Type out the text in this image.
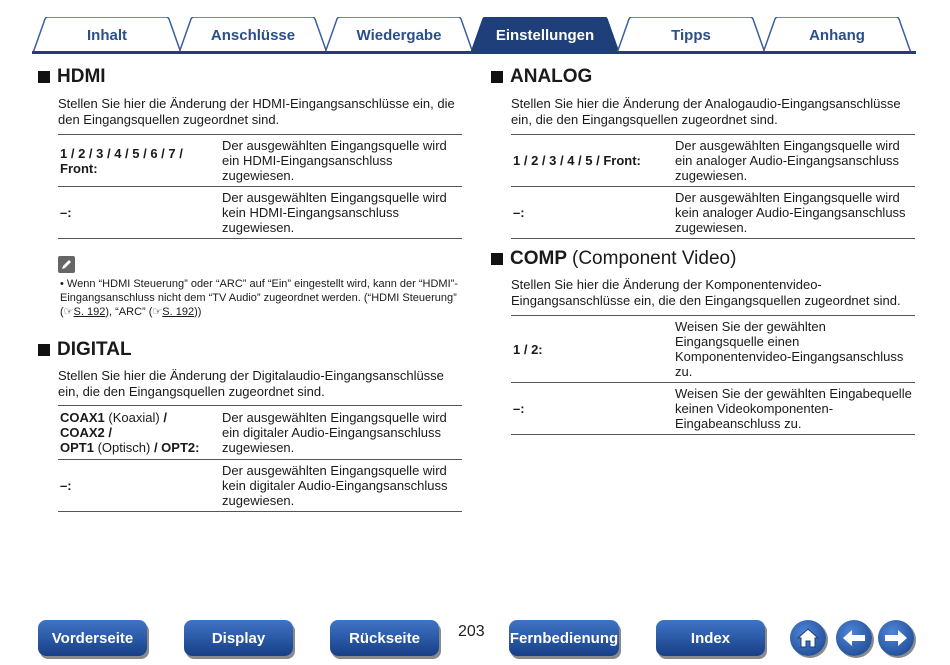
Inhalt	Anschlüsse	Wiedergabe	Einstellungen	Tipps	Anhang
HDMI
Stellen Sie hier die Änderung der HDMI-Eingangsanschlüsse ein, die den Eingangsquellen zugeordnet sind.
1 / 2 / 3 / 4 / 5 / 6 / 7 / Front:	Der ausgewählten Eingangsquelle wird ein HDMI-Eingangsanschluss zugewiesen.
–:	Der ausgewählten Eingangsquelle wird kein HDMI-Eingangsanschluss zugewiesen.
• Wenn “HDMI Steuerung” oder “ARC” auf “Ein” eingestellt wird, kann der “HDMI”-Eingangsanschluss nicht dem “TV Audio” zugeordnet werden. (“HDMI Steuerung” (☞S. 192), “ARC” (☞S. 192))
DIGITAL
Stellen Sie hier die Änderung der Digitalaudio-Eingangsanschlüsse ein, die den Eingangsquellen zugeordnet sind.
COAX1 (Koaxial) /
COAX2 /
OPT1 (Optisch) / OPT2:	Der ausgewählten Eingangsquelle wird ein digitaler Audio-Eingangsanschluss zugewiesen.
–:	Der ausgewählten Eingangsquelle wird kein digitaler Audio-Eingangsanschluss zugewiesen.
ANALOG
Stellen Sie hier die Änderung der Analogaudio-Eingangsanschlüsse ein, die den Eingangsquellen zugeordnet sind.
1 / 2 / 3 / 4 / 5 / Front:	Der ausgewählten Eingangsquelle wird ein analoger Audio-Eingangsanschluss zugewiesen.
–:	Der ausgewählten Eingangsquelle wird kein analoger Audio-Eingangsanschluss zugewiesen.
COMP (Component Video)
Stellen Sie hier die Änderung der Komponentenvideo-Eingangsanschlüsse ein, die den Eingangsquellen zugeordnet sind.
1 / 2:	Weisen Sie der gewählten Eingangsquelle einen Komponentenvideo-Eingangsanschluss zu.
–:	Weisen Sie der gewählten Eingabequelle keinen Videokomponenten-Eingabeanschluss zu.
Vorderseite	Display	Rückseite	203 Fernbedienung	Index
